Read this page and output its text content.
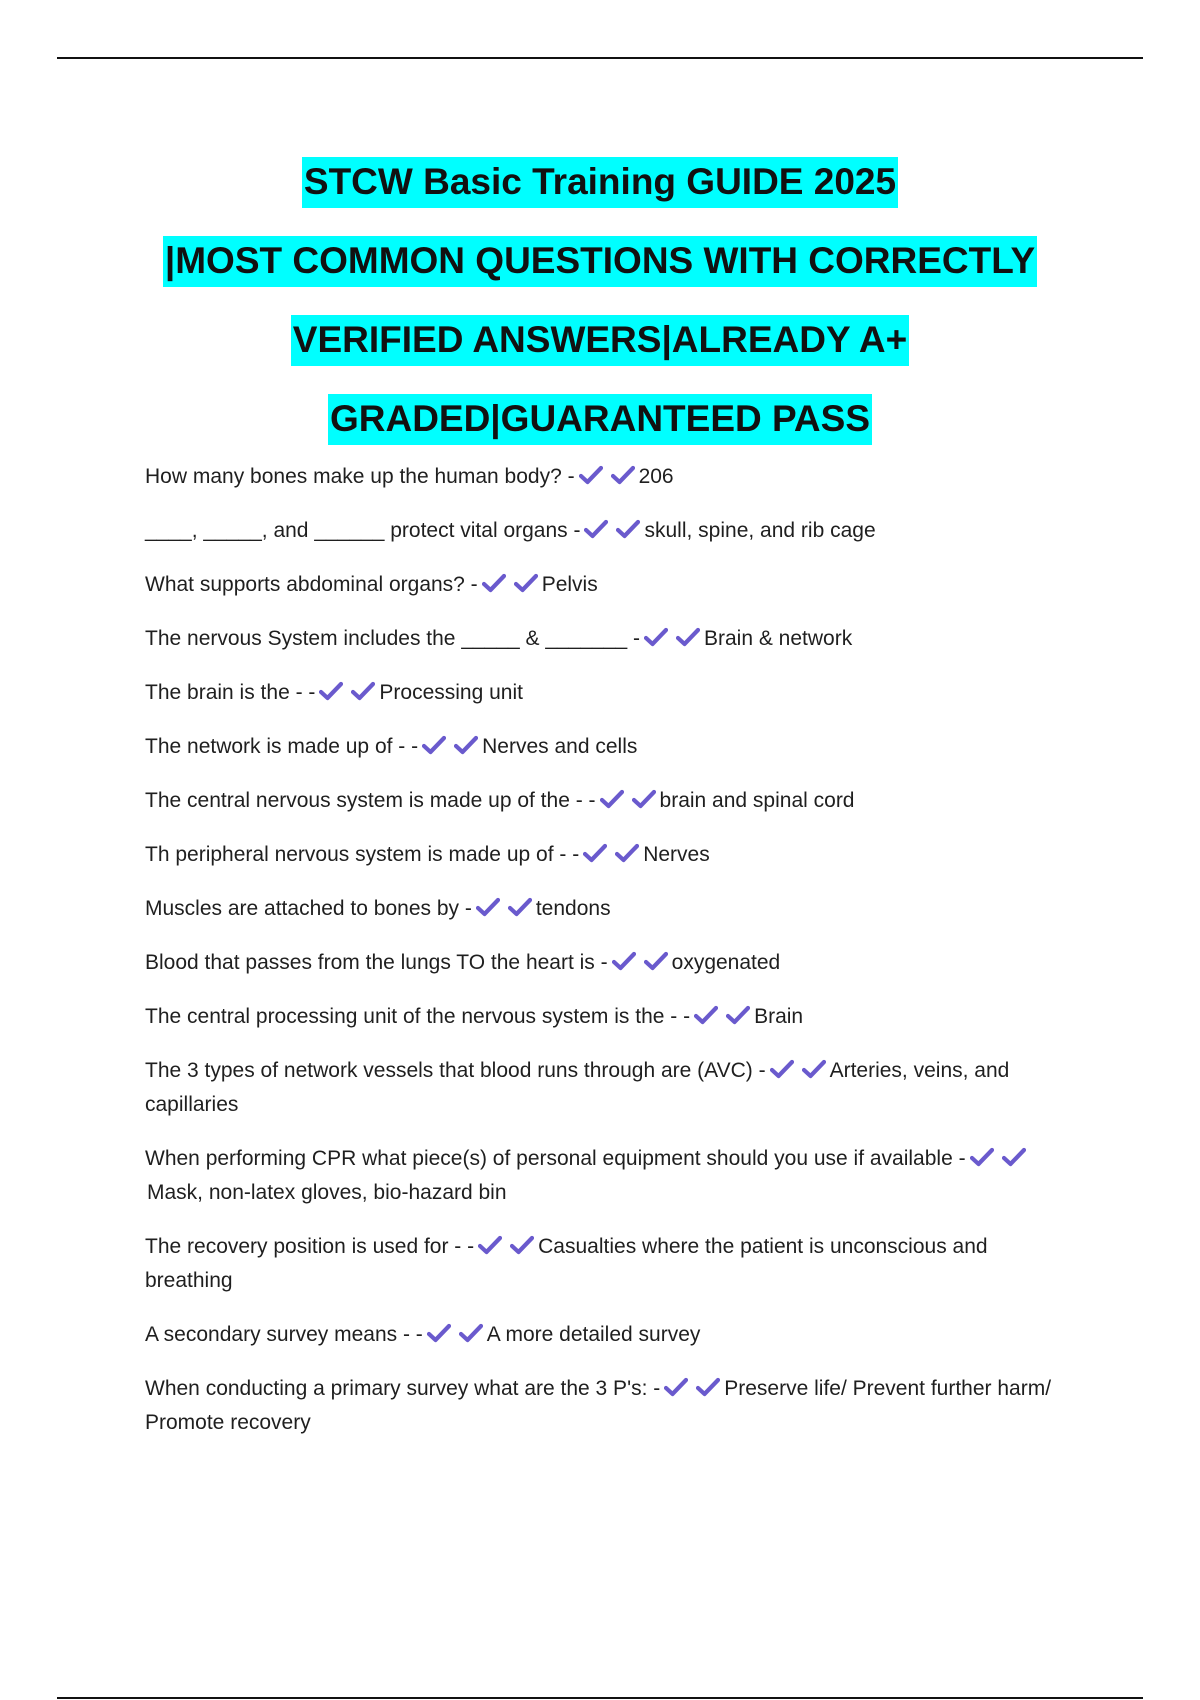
STCW Basic Training GUIDE 2025
|MOST COMMON QUESTIONS WITH CORRECTLY
VERIFIED ANSWERS|ALREADY A+
GRADED|GUARANTEED PASS
How many bones make up the human body? -	206
____, _____, and ______ protect vital organs -	skull, spine, and rib cage
What supports abdominal organs? -	Pelvis
The nervous System includes the _____ & _______ -	Brain & network
The brain is the - -	Processing unit
The network is made up of - -	Nerves and cells
The central nervous system is made up of the - -	brain and spinal cord
Th peripheral nervous system is made up of - -	Nerves
Muscles are attached to bones by -	tendons
Blood that passes from the lungs TO the heart is -	oxygenated
The central processing unit of the nervous system is the - -	Brain
The 3 types of network vessels that blood runs through are (AVC) -	Arteries, veins, and capillaries
When performing CPR what piece(s) of personal equipment should you use if available -
Mask, non-latex gloves, bio-hazard bin
The recovery position is used for - -	Casualties where the patient is unconscious and breathing
A secondary survey means - -	A more detailed survey
When conducting a primary survey what are the 3 P's: -	Preserve life/ Prevent further harm/ Promote recovery
